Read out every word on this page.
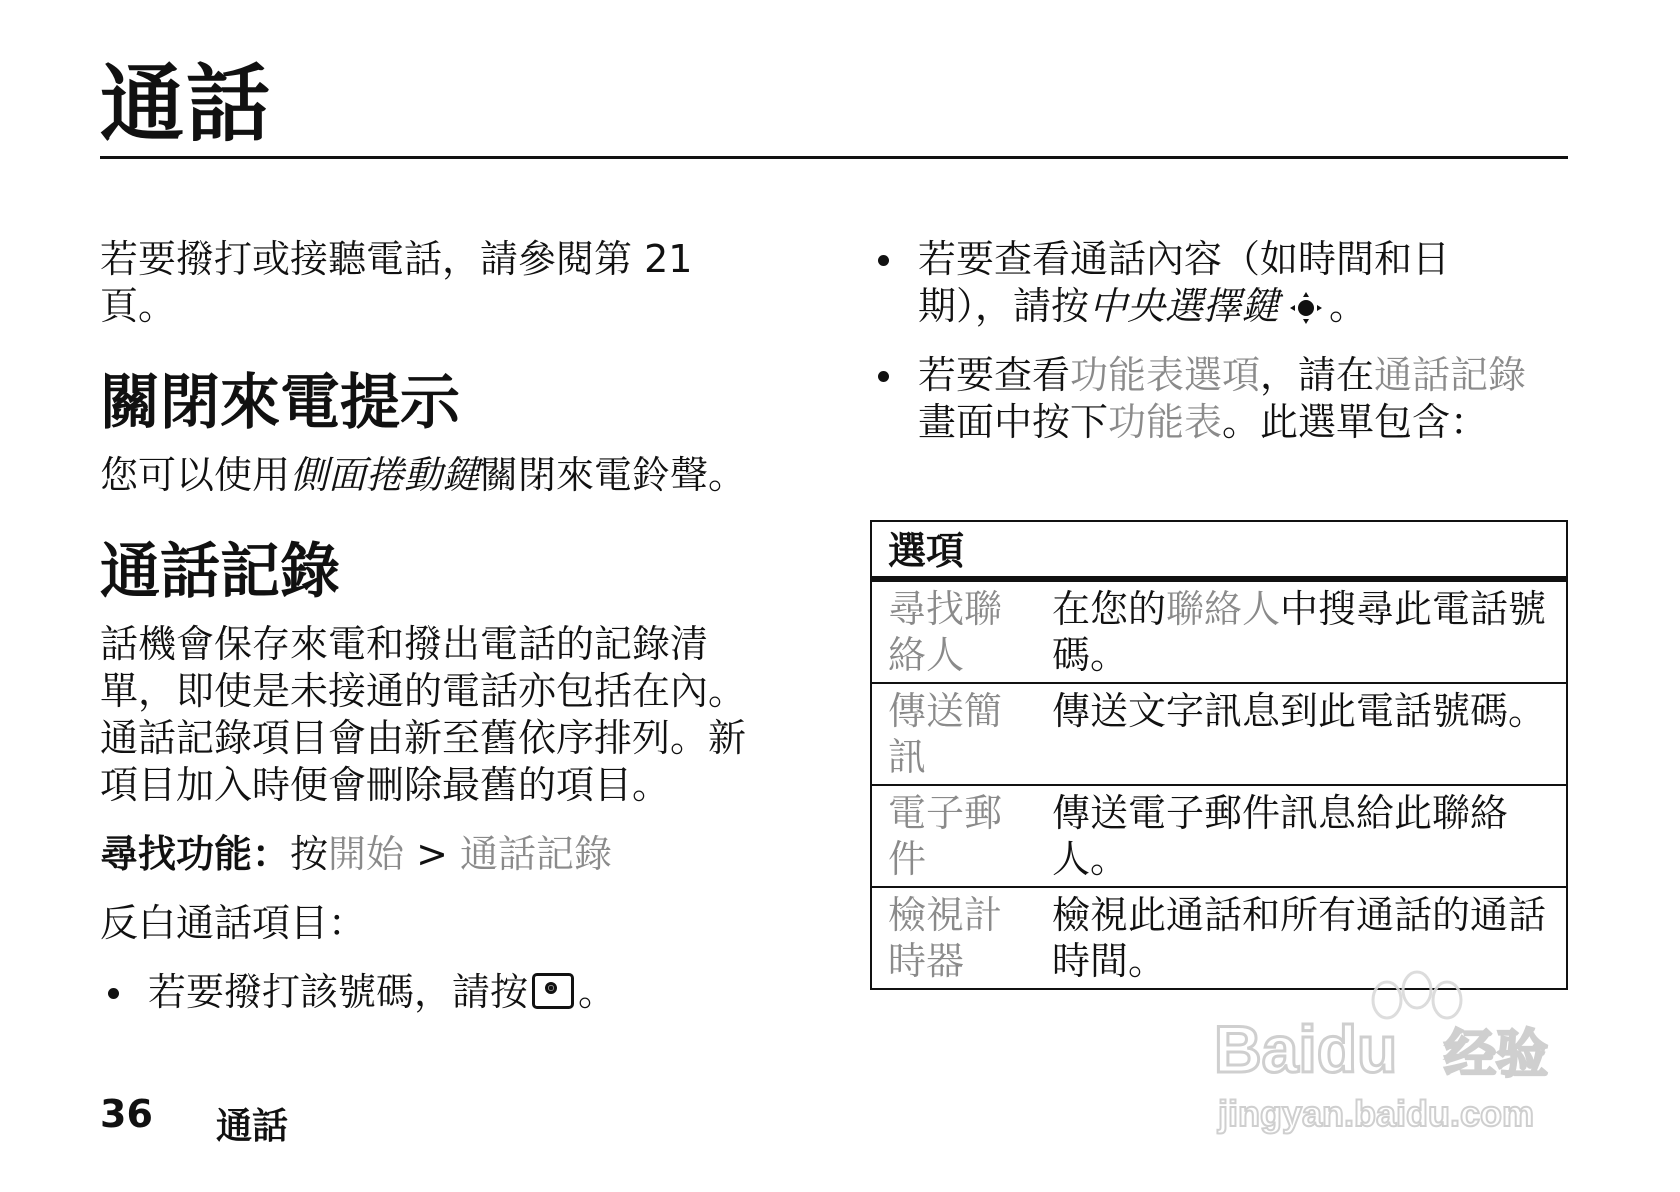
通話

若要撥打或接聽電話，請參閱第 21
頁。

關閉來電提示

您可以使用側面捲動鍵關閉來電鈴聲。

通話記錄

話機會保存來電和撥出電話的記錄清單，即使是未接通的電話亦包括在內。通話記錄項目會由新至舊依序排列。新項目加入時便會刪除最舊的項目。

尋找功能：按開始 > 通話記錄

反白通話項目：

若要撥打該號碼，請按 。
若要查看通話內容（如時間和日期），請按中央選擇鍵 。
若要查看功能表選項，請在通話記錄畫面中按下功能表。此選單包含：
選項	
尋找聯絡人	在您的聯絡人中搜尋此電話號碼。
傳送簡訊	傳送文字訊息到此電話號碼。
電子郵件	傳送電子郵件訊息給此聯絡人。
檢視計時器	檢視此通話和所有通話的通話時間。
36 通話
Baidu 经验
jingyan.baidu.com
